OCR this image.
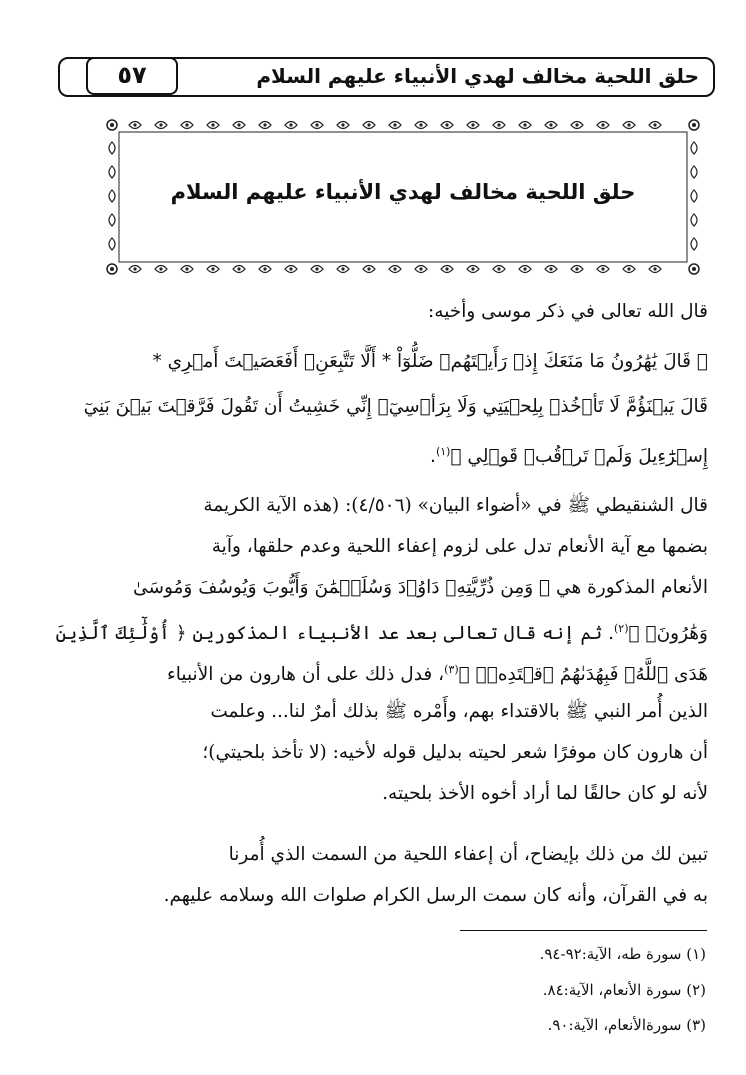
حلق اللحية مخالف لهدي الأنبياء عليهم السلام
٥٧
حلق اللحية مخالف لهدي الأنبياء عليهم السلام
قال الله تعالى في ذكر موسى وأخيه:
﴿ قَالَ يَٰهَٰرُونُ مَا مَنَعَكَ إِذۡ رَأَيۡتَهُمۡ ضَلُّوٓاْ * أَلَّا تَتَّبِعَنِۖ أَفَعَصَيۡتَ أَمۡرِي *
قَالَ يَبۡنَؤُمَّ لَا تَأۡخُذۡ بِلِحۡيَتِي وَلَا بِرَأۡسِيٓۖ إِنِّي خَشِيتُ أَن تَقُولَ فَرَّقۡتَ بَيۡنَ بَنِيٓ
إِسۡرَٰٓءِيلَ وَلَمۡ تَرۡقُبۡ قَوۡلِي ﴾$^{(١)}$.
قال الشنقيطي ﷺ في «أضواء البيان» (٤/٥٠٦): (هذه الآية الكريمة
بضمها مع آية الأنعام تدل على لزوم إعفاء اللحية وعدم حلقها، وآية
الأنعام المذكورة هي ﴿ وَمِن ذُرِّيَّتِهِۦ دَاوُۥدَ وَسُلَيۡمَٰنَ وَأَيُّوبَ وَيُوسُفَ وَمُوسَىٰ
وَهَٰرُونَۚ ﴾$^{(٢)}$. ثم إنه قال تعالى بعد عد الأنبياء المذكورين ﴿ أُوْلَٰٓئِكَ ٱلَّذِينَ
هَدَى ٱللَّهُۖ فَبِهُدَىٰهُمُ ٱقۡتَدِهۡۗ ﴾$^{(٣)}$، فدل ذلك على أن هارون من الأنبياء
الذين أُمر النبي ﷺ بالاقتداء بهم، وأَمْره ﷺ بذلك أمرٌ لنا... وعلمت
أن هارون كان موفرًا شعر لحيته بدليل قوله لأخيه: (لا تأخذ بلحيتي)؛
لأنه لو كان حالقًا لما أراد أخوه الأخذ بلحيته.
تبين لك من ذلك بإيضاح، أن إعفاء اللحية من السمت الذي أُمرنا
به في القرآن، وأنه كان سمت الرسل الكرام صلوات الله وسلامه عليهم.
(١) سورة طه، الآية:٩٢-٩٤.
(٢) سورة الأنعام، الآية:٨٤.
(٣) سورةالأنعام، الآية:٩٠.
